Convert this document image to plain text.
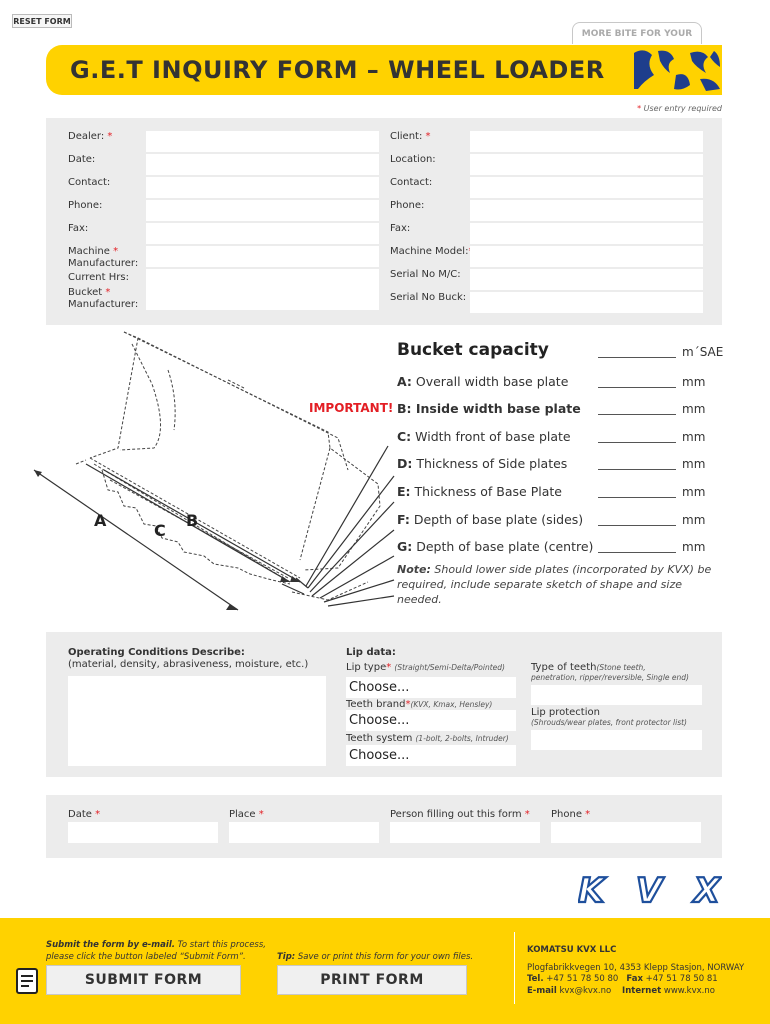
RESET FORM
MORE BITE FOR YOUR
G.E.T INQUIRY FORM – WHEEL LOADER
* User entry required
Dealer: *
Date:
Contact:
Phone:
Fax:
Machine *
Manufacturer:
Current Hrs:
Bucket *
Manufacturer:
Client: *
Location:
Contact:
Phone:
Fax:
Machine Model:
Serial No M/C:
Serial No Buck:
A
C
B
Bucket capacity	m´SAE
IMPORTANT!
A: Overall width base plate	mm
B: Inside width base plate	mm
C: Width front of base plate	mm
D: Thickness of Side plates	mm
E: Thickness of Base Plate	mm
F: Depth of base plate (sides)	mm
G: Depth of base plate (centre)	mm
Note: Should lower side plates (incorporated by KVX) be required, include separate sketch of shape and size needed.
Operating Conditions Describe:
(material, density, abrasiveness, moisture, etc.)
Lip data:
Lip type* (Straight/Semi-Delta/Pointed)
Choose...
Teeth brand*(KVX, Kmax, Hensley)
Choose...
Teeth system (1-bolt, 2-bolts, Intruder)
Choose...
Type of teeth(Stone teeth,
penetration, ripper/reversible, Single end)
Lip protection
(Shrouds/wear plates, front protector list)
Date *	Place *	Person filling out this form * Phone *
KVX
Submit the form by e-mail. To start this process,
please click the button labeled “Submit Form”.
SUBMIT FORM
Tip: Save or print this form for your own files.
PRINT FORM
KOMATSU KVX LLC
Plogfabrikkvegen 10, 4353 Klepp Stasjon, NORWAY
Tel. +47 51 78 50 80 Fax +47 51 78 50 81
E-mail kvx@kvx.no Internet www.kvx.no
